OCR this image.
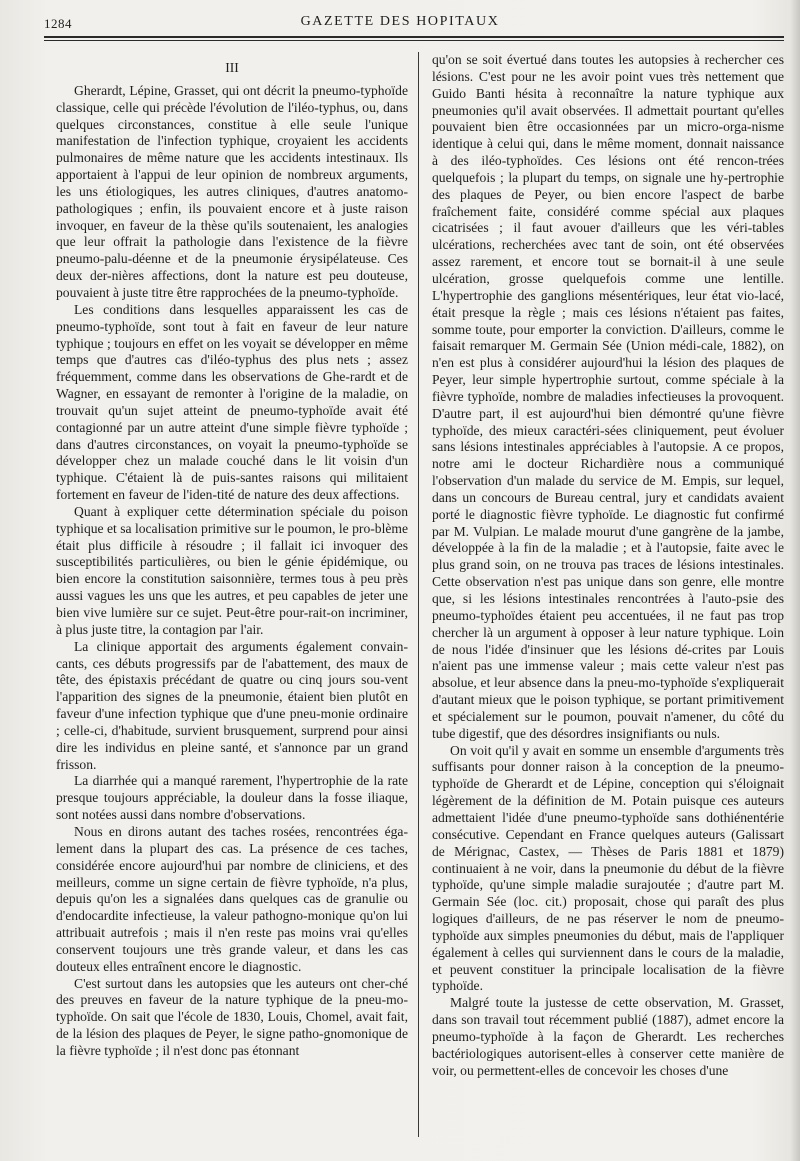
1284	GAZETTE DES HOPITAUX
III

Gherardt, Lépine, Grasset, qui ont décrit la pneumo-typhoïde classique, celle qui précède l'évolution de l'iléo-typhus, ou, dans quelques circonstances, constitue à elle seule l'unique manifestation de l'infection typhique, croyaient les accidents pulmonaires de même nature que les accidents intestinaux. Ils apportaient à l'appui de leur opinion de nombreux arguments, les uns étiologiques, les autres cliniques, d'autres anatomo-pathologiques ; enfin, ils pouvaient encore et à juste raison invoquer, en faveur de la thèse qu'ils soutenaient, les analogies que leur offrait la pathologie dans l'existence de la fièvre pneumo-palu-déenne et de la pneumonie érysipélateuse. Ces deux der-nières affections, dont la nature est peu douteuse, pouvaient à juste titre être rapprochées de la pneumo-typhoïde.

Les conditions dans lesquelles apparaissent les cas de pneumo-typhoïde, sont tout à fait en faveur de leur nature typhique ; toujours en effet on les voyait se développer en même temps que d'autres cas d'iléo-typhus des plus nets ; assez fréquemment, comme dans les observations de Ghe-rardt et de Wagner, en essayant de remonter à l'origine de la maladie, on trouvait qu'un sujet atteint de pneumo-typhoïde avait été contagionné par un autre atteint d'une simple fièvre typhoïde ; dans d'autres circonstances, on voyait la pneumo-typhoïde se développer chez un malade couché dans le lit voisin d'un typhique. C'étaient là de puis-santes raisons qui militaient fortement en faveur de l'iden-tité de nature des deux affections.

Quant à expliquer cette détermination spéciale du poison typhique et sa localisation primitive sur le poumon, le pro-blème était plus difficile à résoudre ; il fallait ici invoquer des susceptibilités particulières, ou bien le génie épidémique, ou bien encore la constitution saisonnière, termes tous à peu près aussi vagues les uns que les autres, et peu capables de jeter une bien vive lumière sur ce sujet. Peut-être pour-rait-on incriminer, à plus juste titre, la contagion par l'air.

La clinique apportait des arguments également convain-cants, ces débuts progressifs par de l'abattement, des maux de tête, des épistaxis précédant de quatre ou cinq jours sou-vent l'apparition des signes de la pneumonie, étaient bien plutôt en faveur d'une infection typhique que d'une pneu-monie ordinaire ; celle-ci, d'habitude, survient brusquement, surprend pour ainsi dire les individus en pleine santé, et s'annonce par un grand frisson.

La diarrhée qui a manqué rarement, l'hypertrophie de la rate presque toujours appréciable, la douleur dans la fosse iliaque, sont notées aussi dans nombre d'observations.

Nous en dirons autant des taches rosées, rencontrées éga-lement dans la plupart des cas. La présence de ces taches, considérée encore aujourd'hui par nombre de cliniciens, et des meilleurs, comme un signe certain de fièvre typhoïde, n'a plus, depuis qu'on les a signalées dans quelques cas de granulie ou d'endocardite infectieuse, la valeur pathogno-monique qu'on lui attribuait autrefois ; mais il n'en reste pas moins vrai qu'elles conservent toujours une très grande valeur, et dans les cas douteux elles entraînent encore le diagnostic.

C'est surtout dans les autopsies que les auteurs ont cher-ché des preuves en faveur de la nature typhique de la pneu-mo-typhoïde. On sait que l'école de 1830, Louis, Chomel, avait fait, de la lésion des plaques de Peyer, le signe patho-gnomonique de la fièvre typhoïde ; il n'est donc pas étonnant

qu'on se soit évertué dans toutes les autopsies à rechercher ces lésions. C'est pour ne les avoir point vues très nettement que Guido Banti hésita à reconnaître la nature typhique aux pneumonies qu'il avait observées. Il admettait pourtant qu'elles pouvaient bien être occasionnées par un micro-orga-nisme identique à celui qui, dans le même moment, donnait naissance à des iléo-typhoïdes. Ces lésions ont été rencon-trées quelquefois ; la plupart du temps, on signale une hy-pertrophie des plaques de Peyer, ou bien encore l'aspect de barbe fraîchement faite, considéré comme spécial aux plaques cicatrisées ; il faut avouer d'ailleurs que les véri-tables ulcérations, recherchées avec tant de soin, ont été observées assez rarement, et encore tout se bornait-il à une seule ulcération, grosse quelquefois comme une lentille. L'hypertrophie des ganglions mésentériques, leur état vio-lacé, était presque la règle ; mais ces lésions n'étaient pas faites, somme toute, pour emporter la conviction. D'ailleurs, comme le faisait remarquer M. Germain Sée (Union médi-cale, 1882), on n'en est plus à considérer aujourd'hui la lésion des plaques de Peyer, leur simple hypertrophie surtout, comme spéciale à la fièvre typhoïde, nombre de maladies infectieuses la provoquent. D'autre part, il est aujourd'hui bien démontré qu'une fièvre typhoïde, des mieux caractéri-sées cliniquement, peut évoluer sans lésions intestinales appréciables à l'autopsie. A ce propos, notre ami le docteur Richardière nous a communiqué l'observation d'un malade du service de M. Empis, sur lequel, dans un concours de Bureau central, jury et candidats avaient porté le diagnostic fièvre typhoïde. Le diagnostic fut confirmé par M. Vulpian. Le malade mourut d'une gangrène de la jambe, développée à la fin de la maladie ; et à l'autopsie, faite avec le plus grand soin, on ne trouva pas traces de lésions intestinales. Cette observation n'est pas unique dans son genre, elle montre que, si les lésions intestinales rencontrées à l'auto-psie des pneumo-typhoïdes étaient peu accentuées, il ne faut pas trop chercher là un argument à opposer à leur nature typhique. Loin de nous l'idée d'insinuer que les lésions dé-crites par Louis n'aient pas une immense valeur ; mais cette valeur n'est pas absolue, et leur absence dans la pneu-mo-typhoïde s'expliquerait d'autant mieux que le poison typhique, se portant primitivement et spécialement sur le poumon, pouvait n'amener, du côté du tube digestif, que des désordres insignifiants ou nuls.

On voit qu'il y avait en somme un ensemble d'arguments très suffisants pour donner raison à la conception de la pneumo-typhoïde de Gherardt et de Lépine, conception qui s'éloignait légèrement de la définition de M. Potain puisque ces auteurs admettaient l'idée d'une pneumo-typhoïde sans dothiénentérie consécutive. Cependant en France quelques auteurs (Galissart de Mérignac, Castex, — Thèses de Paris 1881 et 1879) continuaient à ne voir, dans la pneumonie du début de la fièvre typhoïde, qu'une simple maladie surajoutée ; d'autre part M. Germain Sée (loc. cit.) proposait, chose qui paraît des plus logiques d'ailleurs, de ne pas réserver le nom de pneumo-typhoïde aux simples pneumonies du début, mais de l'appliquer également à celles qui surviennent dans le cours de la maladie, et peuvent constituer la principale localisation de la fièvre typhoïde.

Malgré toute la justesse de cette observation, M. Grasset, dans son travail tout récemment publié (1887), admet encore la pneumo-typhoïde à la façon de Gherardt. Les recherches bactériologiques autorisent-elles à conserver cette manière de voir, ou permettent-elles de concevoir les choses d'une
